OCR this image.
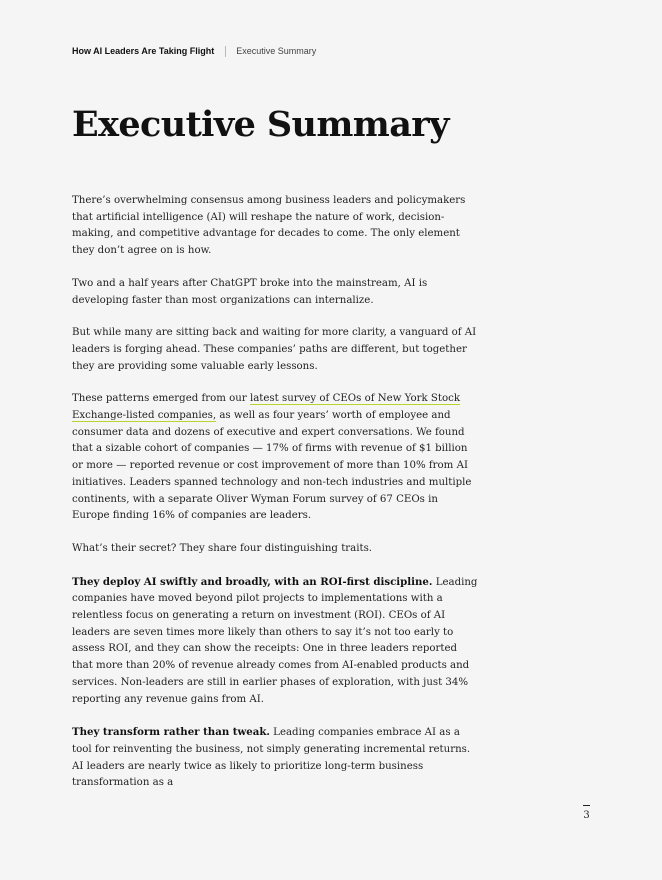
How AI Leaders Are Taking Flight Executive Summary
Executive Summary

There’s overwhelming consensus among business leaders and policymakers that artificial intelligence (AI) will reshape the nature of work, decision-making, and competitive advantage for decades to come. The only element they don’t agree on is how.

Two and a half years after ChatGPT broke into the mainstream, AI is developing faster than most organizations can internalize.

But while many are sitting back and waiting for more clarity, a vanguard of AI leaders is forging ahead. These companies’ paths are different, but together they are providing some valuable early lessons.

These patterns emerged from our latest survey of CEOs of New York Stock Exchange-listed companies, as well as four years’ worth of employee and consumer data and dozens of executive and expert conversations. We found that a sizable cohort of companies — 17% of firms with revenue of $1 billion or more — reported revenue or cost improvement of more than 10% from AI initiatives. Leaders spanned technology and non-tech industries and multiple continents, with a separate Oliver Wyman Forum survey of 67 CEOs in Europe finding 16% of companies are leaders.

What’s their secret? They share four distinguishing traits.

They deploy AI swiftly and broadly, with an ROI-first discipline. Leading companies have moved beyond pilot projects to implementations with a relentless focus on generating a return on investment (ROI). CEOs of AI leaders are seven times more likely than others to say it’s not too early to assess ROI, and they can show the receipts: One in three leaders reported that more than 20% of revenue already comes from AI-enabled products and services. Non-leaders are still in earlier phases of exploration, with just 34% reporting any revenue gains from AI.

They transform rather than tweak. Leading companies embrace AI as a tool for reinventing the business, not simply generating incremental returns. AI leaders are nearly twice as likely to prioritize long-term business transformation as a

3
